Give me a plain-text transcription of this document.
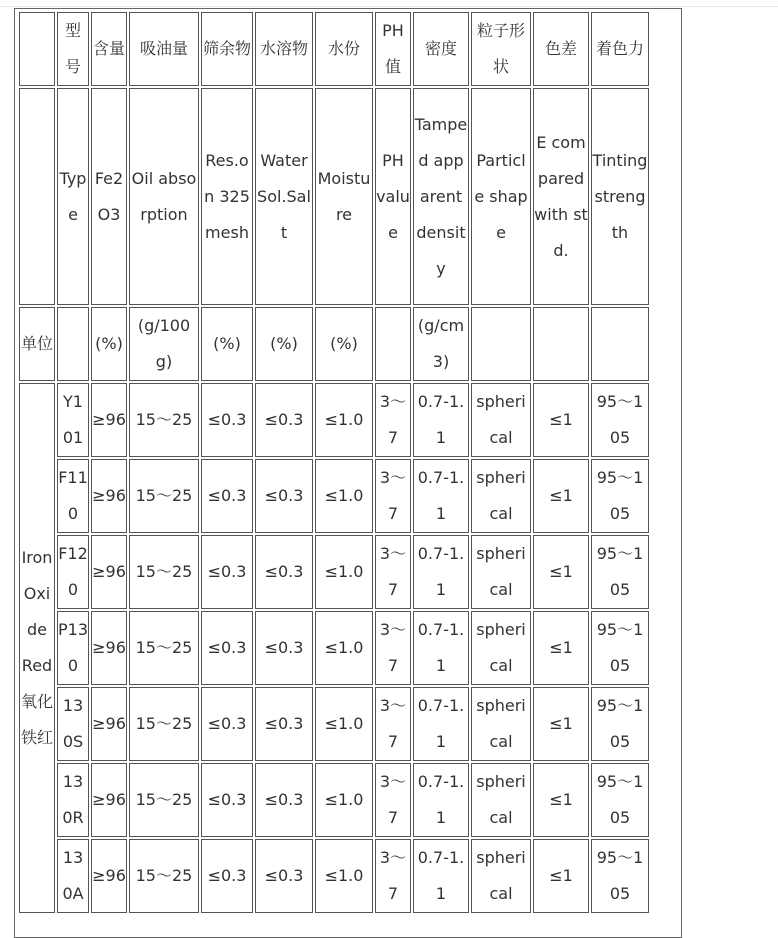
	型号	含量	吸油量	筛余物	水溶物	水份	PH值	密度	粒子形状	色差	着色力

	Type	Fe2O3	Oil absorption	Res.on 325mesh	Water Sol.Salt	Moisture	PH value	Tamped apparent density	Particle shape	E compared with std.	Tinting strength

单位		(%)	(g/100g)	(%)	(%)	(%)		(g/cm3)			

Iron Oxide Red氧化铁红	Y101	≥96	15～25	≤0.3	≤0.3	≤1.0	3～7	0.7-1.1	spherical	≤1	95～105

	F110	≥96	15～25	≤0.3	≤0.3	≤1.0	3～7	0.7-1.1	spherical	≤1	95～105

	F120	≥96	15～25	≤0.3	≤0.3	≤1.0	3～7	0.7-1.1	spherical	≤1	95～105

	P130	≥96	15～25	≤0.3	≤0.3	≤1.0	3～7	0.7-1.1	spherical	≤1	95～105

	130S	≥96	15～25	≤0.3	≤0.3	≤1.0	3～7	0.7-1.1	spherical	≤1	95～105

	130R	≥96	15～25	≤0.3	≤0.3	≤1.0	3～7	0.7-1.1	spherical	≤1	95～105

	130A	≥96	15～25	≤0.3	≤0.3	≤1.0	3～7	0.7-1.1	spherical	≤1	95～105
